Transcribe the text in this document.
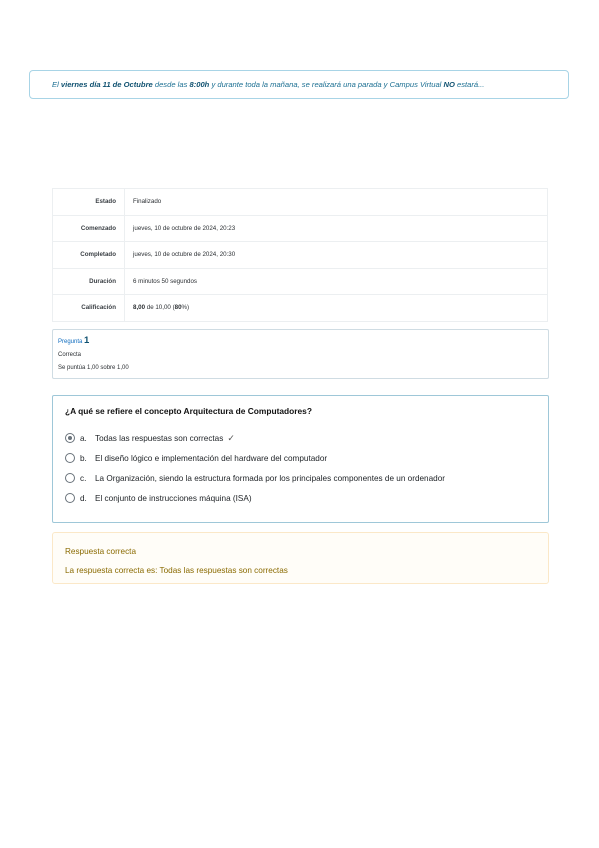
El viernes día 11 de Octubre desde las 8:00h y durante toda la mañana, se realizará una parada y Campus Virtual NO estará...

Estado	Finalizado
Comenzado	jueves, 10 de octubre de 2024, 20:23
Completado	jueves, 10 de octubre de 2024, 20:30
Duración	6 minutos 50 segundos
Calificación	8,00 de 10,00 (80%)
Pregunta 1
Correcta
Se puntúa 1,00 sobre 1,00

¿A qué se refiere el concepto Arquitectura de Computadores?

a. Todas las respuestas son correctas ✓
b. El diseño lógico e implementación del hardware del computador
c.	La Organización, siendo la estructura formada por los principales componentes de un ordenador
d. El conjunto de instrucciones máquina (ISA)
Respuesta correcta
La respuesta correcta es: Todas las respuestas son correctas
